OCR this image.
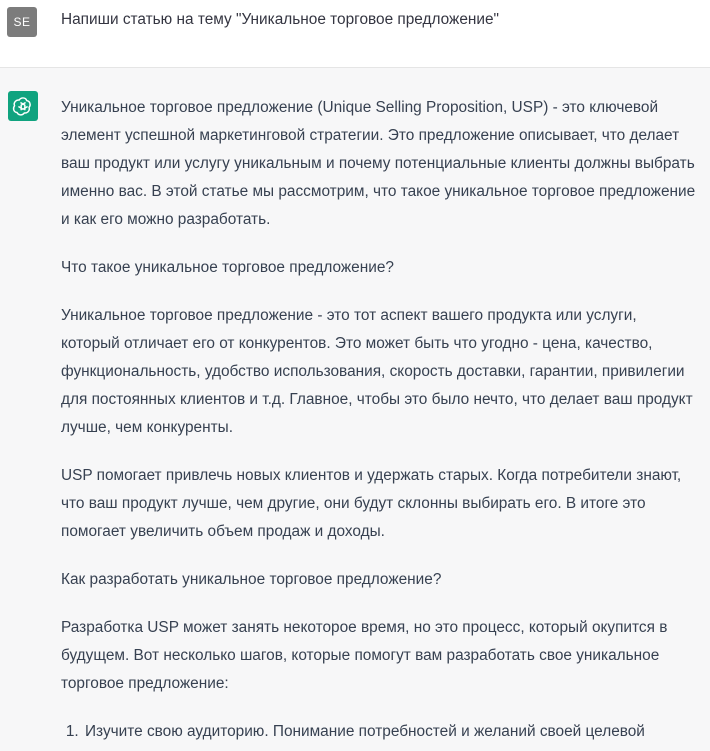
SE	Напиши статью на тему "Уникальное торговое предложение"

Уникальное торговое предложение (Unique Selling Proposition, USP) - это ключевой элемент успешной маркетинговой стратегии. Это предложение описывает, что делает ваш продукт или услугу уникальным и почему потенциальные клиенты должны выбрать именно вас. В этой статье мы рассмотрим, что такое уникальное торговое предложение и как его можно разработать.

Что такое уникальное торговое предложение?

Уникальное торговое предложение - это тот аспект вашего продукта или услуги, который отличает его от конкурентов. Это может быть что угодно - цена, качество, функциональность, удобство использования, скорость доставки, гарантии, привилегии для постоянных клиентов и т.д. Главное, чтобы это было нечто, что делает ваш продукт лучше, чем конкуренты.

USP помогает привлечь новых клиентов и удержать старых. Когда потребители знают, что ваш продукт лучше, чем другие, они будут склонны выбирать его. В итоге это помогает увеличить объем продаж и доходы.

Как разработать уникальное торговое предложение?

Разработка USP может занять некоторое время, но это процесс, который окупится в будущем. Вот несколько шагов, которые помогут вам разработать свое уникальное торговое предложение:

1. Изучите свою аудиторию. Понимание потребностей и желаний своей целевой
